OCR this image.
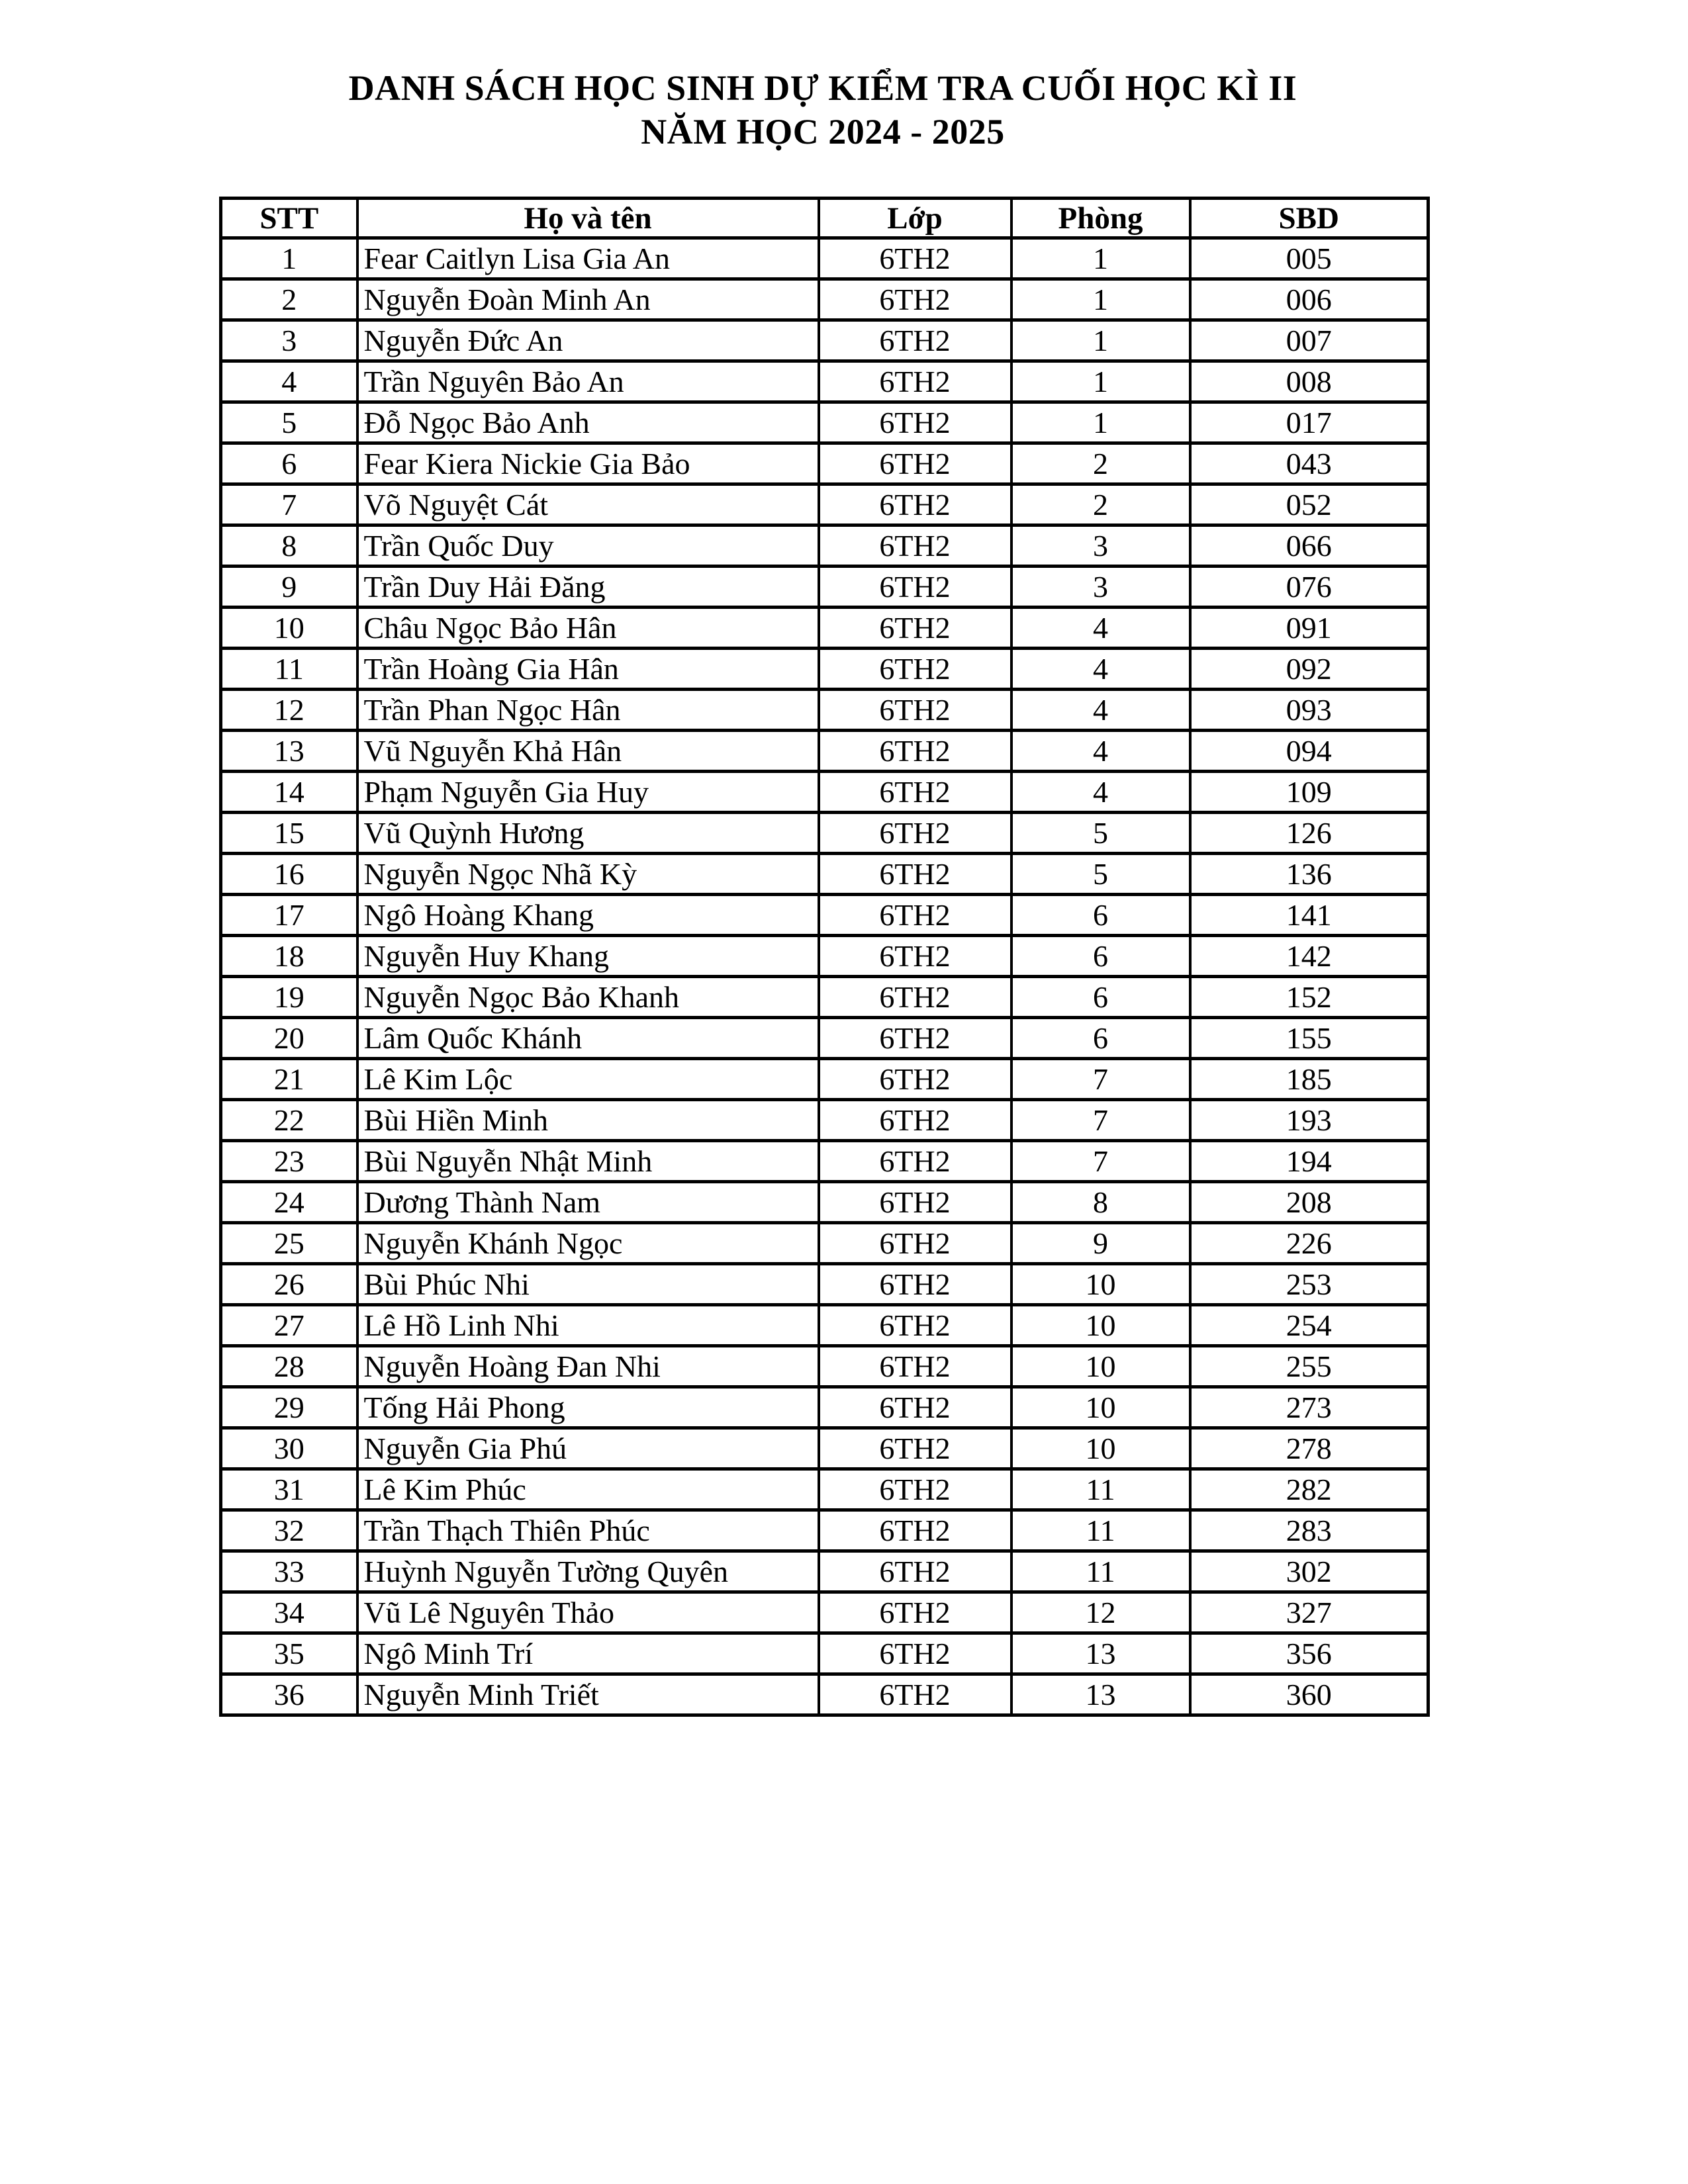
DANH SÁCH HỌC SINH DỰ KIỂM TRA CUỐI HỌC KÌ II
NĂM HỌC 2024 - 2025
STT	Họ và tên	Lớp	Phòng	SBD
1	Fear Caitlyn Lisa Gia An	6TH2	1	005
2	Nguyễn Đoàn Minh An	6TH2	1	006
3	Nguyễn Đức An	6TH2	1	007
4	Trần Nguyên Bảo An	6TH2	1	008
5	Đỗ Ngọc Bảo Anh	6TH2	1	017
6	Fear Kiera Nickie Gia Bảo	6TH2	2	043
7	Võ Nguyệt Cát	6TH2	2	052
8	Trần Quốc Duy	6TH2	3	066
9	Trần Duy Hải Đăng	6TH2	3	076
10	Châu Ngọc Bảo Hân	6TH2	4	091
11	Trần Hoàng Gia Hân	6TH2	4	092
12	Trần Phan Ngọc Hân	6TH2	4	093
13	Vũ Nguyễn Khả Hân	6TH2	4	094
14	Phạm Nguyễn Gia Huy	6TH2	4	109
15	Vũ Quỳnh Hương	6TH2	5	126
16	Nguyễn Ngọc Nhã Kỳ	6TH2	5	136
17	Ngô Hoàng Khang	6TH2	6	141
18	Nguyễn Huy Khang	6TH2	6	142
19	Nguyễn Ngọc Bảo Khanh	6TH2	6	152
20	Lâm Quốc Khánh	6TH2	6	155
21	Lê Kim Lộc	6TH2	7	185
22	Bùi Hiền Minh	6TH2	7	193
23	Bùi Nguyễn Nhật Minh	6TH2	7	194
24	Dương Thành Nam	6TH2	8	208
25	Nguyễn Khánh Ngọc	6TH2	9	226
26	Bùi Phúc Nhi	6TH2	10	253
27	Lê Hồ Linh Nhi	6TH2	10	254
28	Nguyễn Hoàng Đan Nhi	6TH2	10	255
29	Tống Hải Phong	6TH2	10	273
30	Nguyễn Gia Phú	6TH2	10	278
31	Lê Kim Phúc	6TH2	11	282
32	Trần Thạch Thiên Phúc	6TH2	11	283
33	Huỳnh Nguyễn Tường Quyên	6TH2	11	302
34	Vũ Lê Nguyên Thảo	6TH2	12	327
35	Ngô Minh Trí	6TH2	13	356
36	Nguyễn Minh Triết	6TH2	13	360
